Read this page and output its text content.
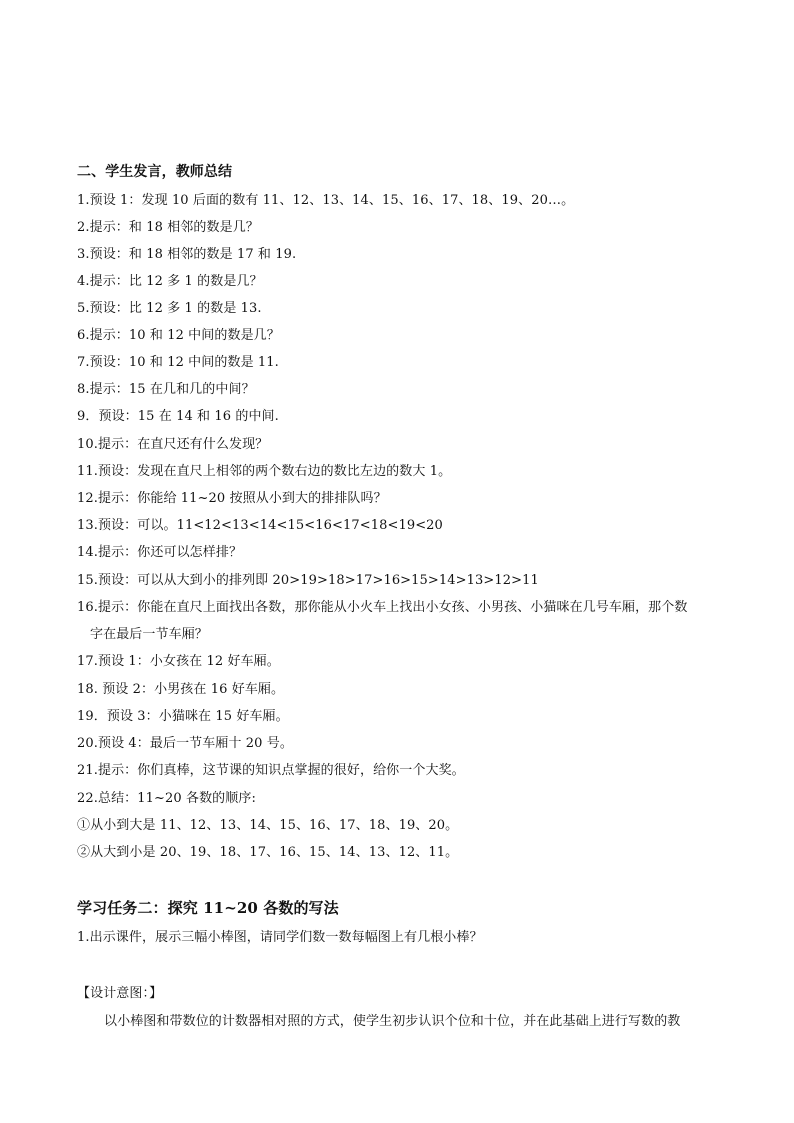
二、学生发言，教师总结
1.预设 1：发现 10 后面的数有 11、12、13、14、15、16、17、18、19、20…。
2.提示：和 18 相邻的数是几？
3.预设：和 18 相邻的数是 17 和 19.
4.提示：比 12 多 1 的数是几？
5.预设：比 12 多 1 的数是 13.
6.提示：10 和 12 中间的数是几？
7.预设：10 和 12 中间的数是 11.
8.提示：15 在几和几的中间？
9．预设：15 在 14 和 16 的中间.
10.提示：在直尺还有什么发现？
11.预设：发现在直尺上相邻的两个数右边的数比左边的数大 1。
12.提示：你能给 11~20 按照从小到大的排排队吗？
13.预设：可以。11<12<13<14<15<16<17<18<19<20
14.提示：你还可以怎样排？
15.预设：可以从大到小的排列即 20>19>18>17>16>15>14>13>12>11
16.提示：你能在直尺上面找出各数，那你能从小火车上找出小女孩、小男孩、小猫咪在几号车厢，那个数
字在最后一节车厢？
17.预设 1：小女孩在 12 好车厢。
18. 预设 2：小男孩在 16 好车厢。
19．预设 3：小猫咪在 15 好车厢。
20.预设 4：最后一节车厢十 20 号。
21.提示：你们真棒，这节课的知识点掌握的很好，给你一个大奖。
22.总结：11~20 各数的顺序:
①从小到大是 11、12、13、14、15、16、17、18、19、20。
②从大到小是 20、19、18、17、16、15、14、13、12、11。
学习任务二：探究 11~20 各数的写法
1.出示课件，展示三幅小棒图，请同学们数一数每幅图上有几根小棒？
【设计意图：】
以小棒图和带数位的计数器相对照的方式，使学生初步认识个位和十位，并在此基础上进行写数的教
